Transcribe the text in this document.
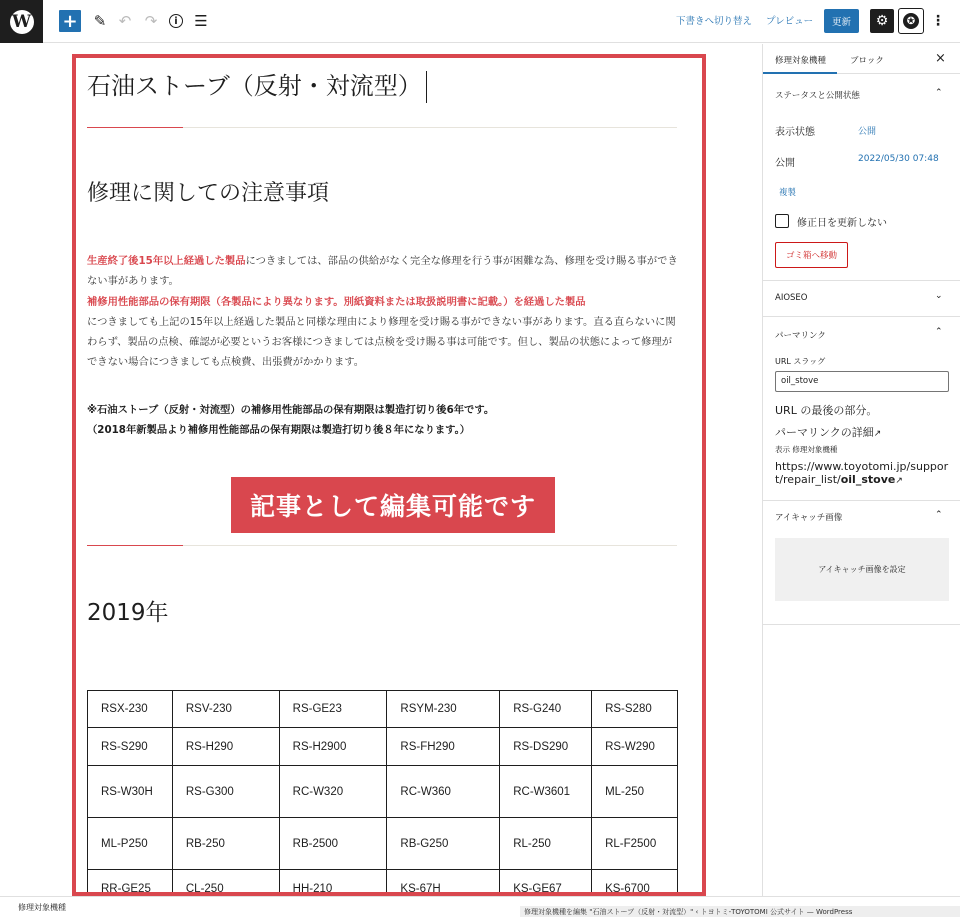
W + ✎ ↶ ↷	i	☰	下書きへ切り替え プレビュー	更新	⚙	✪ ⋮
石油ストーブ（反射・対流型）
修理に関しての注意事項
生産終了後15年以上経過した製品につきましては、部品の供給がなく完全な修理を行う事が困難な為、修理を受け賜る事ができない事があります。
補修用性能部品の保有期限（各製品により異なります。別紙資料または取扱説明書に記載。）を経過した製品
につきましても上記の15年以上経過した製品と同様な理由により修理を受け賜る事ができない事があります。直る直らないに関わらず、製品の点検、確認が必要というお客様につきましては点検を受け賜る事は可能です。但し、製品の状態によって修理ができない場合につきましても点検費、出張費がかかります。
※石油ストーブ（反射・対流型）の補修用性能部品の保有期限は製造打切り後6年です。
（2018年新製品より補修用性能部品の保有期限は製造打切り後８年になります。）
記事として編集可能です
2019年
RSX-230	RSV-230	RS-GE23	RSYM-230	RS-G240	RS-S280
RS-S290	RS-H290	RS-H2900	RS-FH290	RS-DS290	RS-W290
RS-W30H	RS-G300	RC-W320	RC-W360	RC-W3601	ML-250
ML-P250	RB-250	RB-2500	RB-G250	RL-250	RL-F2500
RR-GE25	CL-250	HH-210	KS-67H	KS-GE67	KS-6700
修理対象機種	ブロック	×
ステータスと公開状態	⌃
表示状態	公開
公開	2022/05/30 07:48
複製
修正日を更新しない
ゴミ箱へ移動
AIOSEO	⌄
パーマリンク	⌃
URL スラッグ
oil_stove
URL の最後の部分。
パーマリンクの詳細↗
表示 修理対象機種
https://www.toyotomi.jp/support/repair_list/oil_stove↗
アイキャッチ画像	⌃
アイキャッチ画像を設定
修理対象機種	修理対象機種を編集 "石油ストーブ（反射・対流型）" ‹ トヨトミ-TOYOTOMI 公式サイト — WordPress
